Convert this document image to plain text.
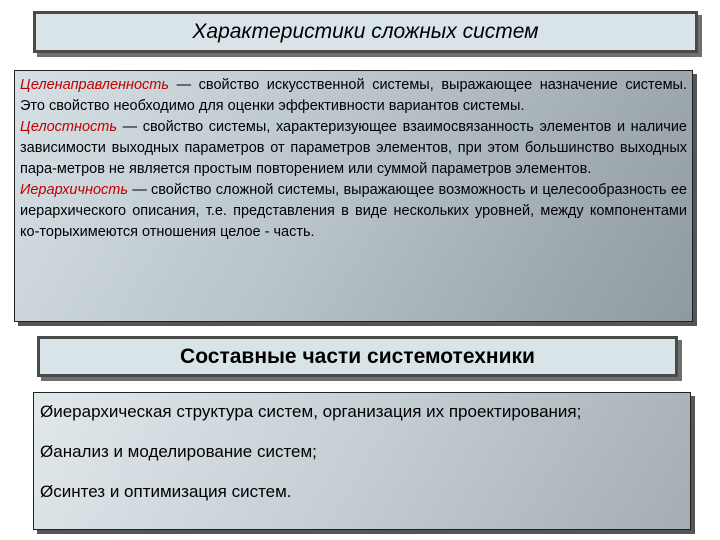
Характеристики сложных систем

Целенаправленность — свойство искусственной системы, выражающее назначение системы. Это свойство необходимо для оценки эффективности вариантов системы.

Целостность — свойство системы, характеризующее взаимосвязанность элементов и наличие зависимости выходных параметров от параметров элементов, при этом большинство выходных пара-метров не является простым повторением или суммой параметров элементов.

Иерархичность — свойство сложной системы, выражающее возможность и целесообразность ее иерархического описания, т.е. представления в виде нескольких уровней, между компонентами ко-торыхимеются отношения целое - часть.

Составные части системотехники
Øиерархическая структура систем, организация их проектирования;
Øанализ и моделирование систем;
Øсинтез и оптимизация систем.
